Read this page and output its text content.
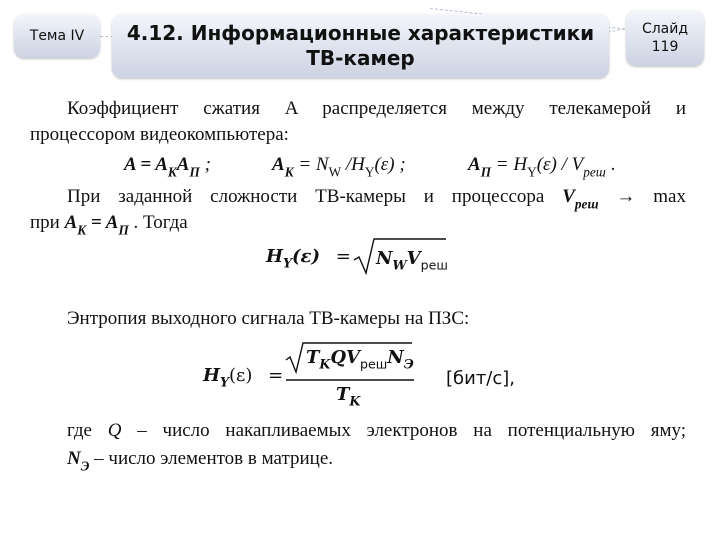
Тема IV 4.12. Информационные характеристики
ТВ-камер
Слайд
119
Коэффициент сжатия A распределяется между телекамерой и
процессором видеокомпьютера:
$A = A_KA_П$ ;	$A_K = N_W$ $/H_Y(\varepsilon)$ ;	$A_П = H_Y(\varepsilon) / V_{реш}$ .
При заданной сложности ТВ-камеры и процессора $V_{реш} \to \max$
при $A_K = A_П$ . Тогда
$H_Y(\varepsilon) = N_WV_{реш}$
Энтропия выходного сигнала ТВ-камеры на ПЗС:
$H_Y(\varepsilon)$ =
$T_KQV_{реш}N_Э$
$T_K$
[бит/с],
где Q – число накапливаемых электронов на потенциальную яму;
$N_Э$ – число элементов в матрице.
